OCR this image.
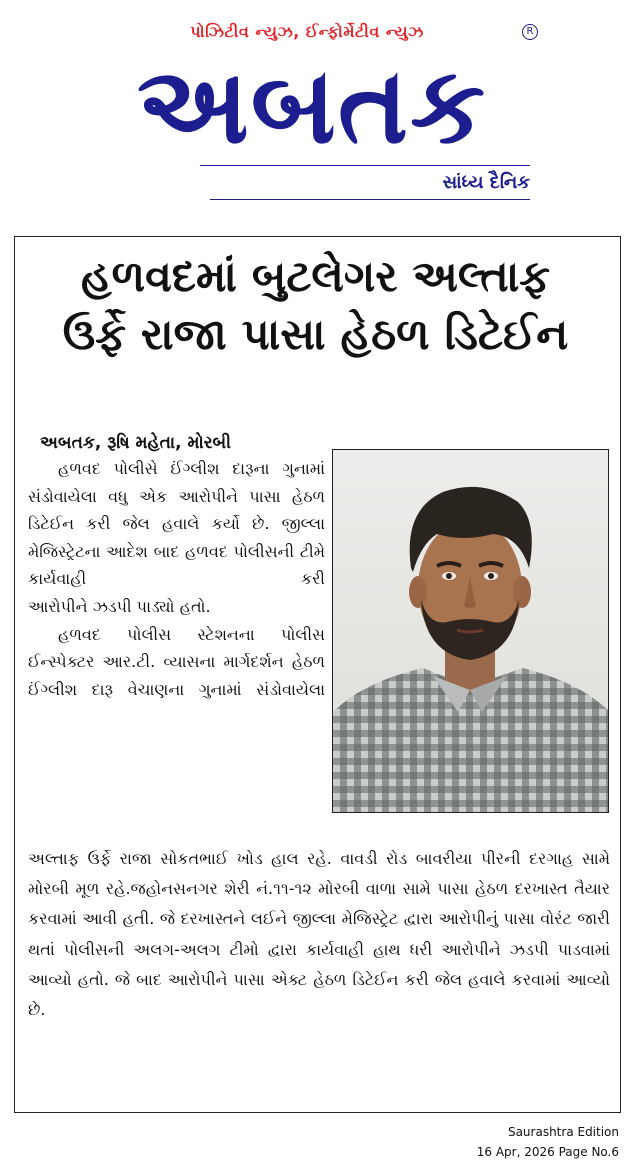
પોઝિટીવ ન્યુઝ, ઈન્ફોર્મેટીવ ન્યુઝ	R
અબતક
સાંધ્ય દૈનિક
હળવદમાં બુટલેગર અલ્તાફ
ઉર્ફે રાજા પાસા હેઠળ ડિટેઈન
અબતક, રૂષિ મહેતા, મોરબી

હળવદ પોલીસે ઈંગ્લીશ દારૂના ગુનામાં સંડોવાયેલા વધુ એક આરોપીને પાસા હેઠળ ડિટેઈન કરી જેલ હવાલે કર્યો છે. જીલ્લા મેજિસ્ટ્રેટના આદેશ બાદ હળવદ પોલીસની ટીમે કાર્યવાહી કરી

આરોપીને ઝડપી પાડ્યો હતો.

હળવદ પોલીસ સ્ટેશનના પોલીસ ઈન્સ્પેક્ટર આર.ટી. વ્યાસના માર્ગદર્શન હેઠળ ઈંગ્લીશ દારૂ વેચાણના ગુનામાં સંડોવાયેલા

અલ્તાફ ઉર્ફે રાજા સોકતભાઈ ખોડ હાલ રહે. વાવડી રોડ બાવરીયા પીરની દરગાહ સામે મોરબી મૂળ રહે.જહોનસનગર શેરી નં.૧૧-૧૨ મોરબી વાળા સામે પાસા હેઠળ દરખાસ્ત તૈયાર કરવામાં આવી હતી. જે દરખાસ્તને લઈને જીલ્લા મેજિસ્ટ્રેટ દ્વારા આરોપીનું પાસા વોરંટ જારી થતાં પોલીસની અલગ-અલગ ટીમો દ્વારા કાર્યવાહી હાથ ધરી આરોપીને ઝડપી પાડવામાં આવ્યો હતો. જે બાદ આરોપીને પાસા એક્ટ હેઠળ ડિટેઈન કરી જેલ હવાલે કરવામાં આવ્યો છે.

Saurashtra Edition
16 Apr, 2026 Page No.6
